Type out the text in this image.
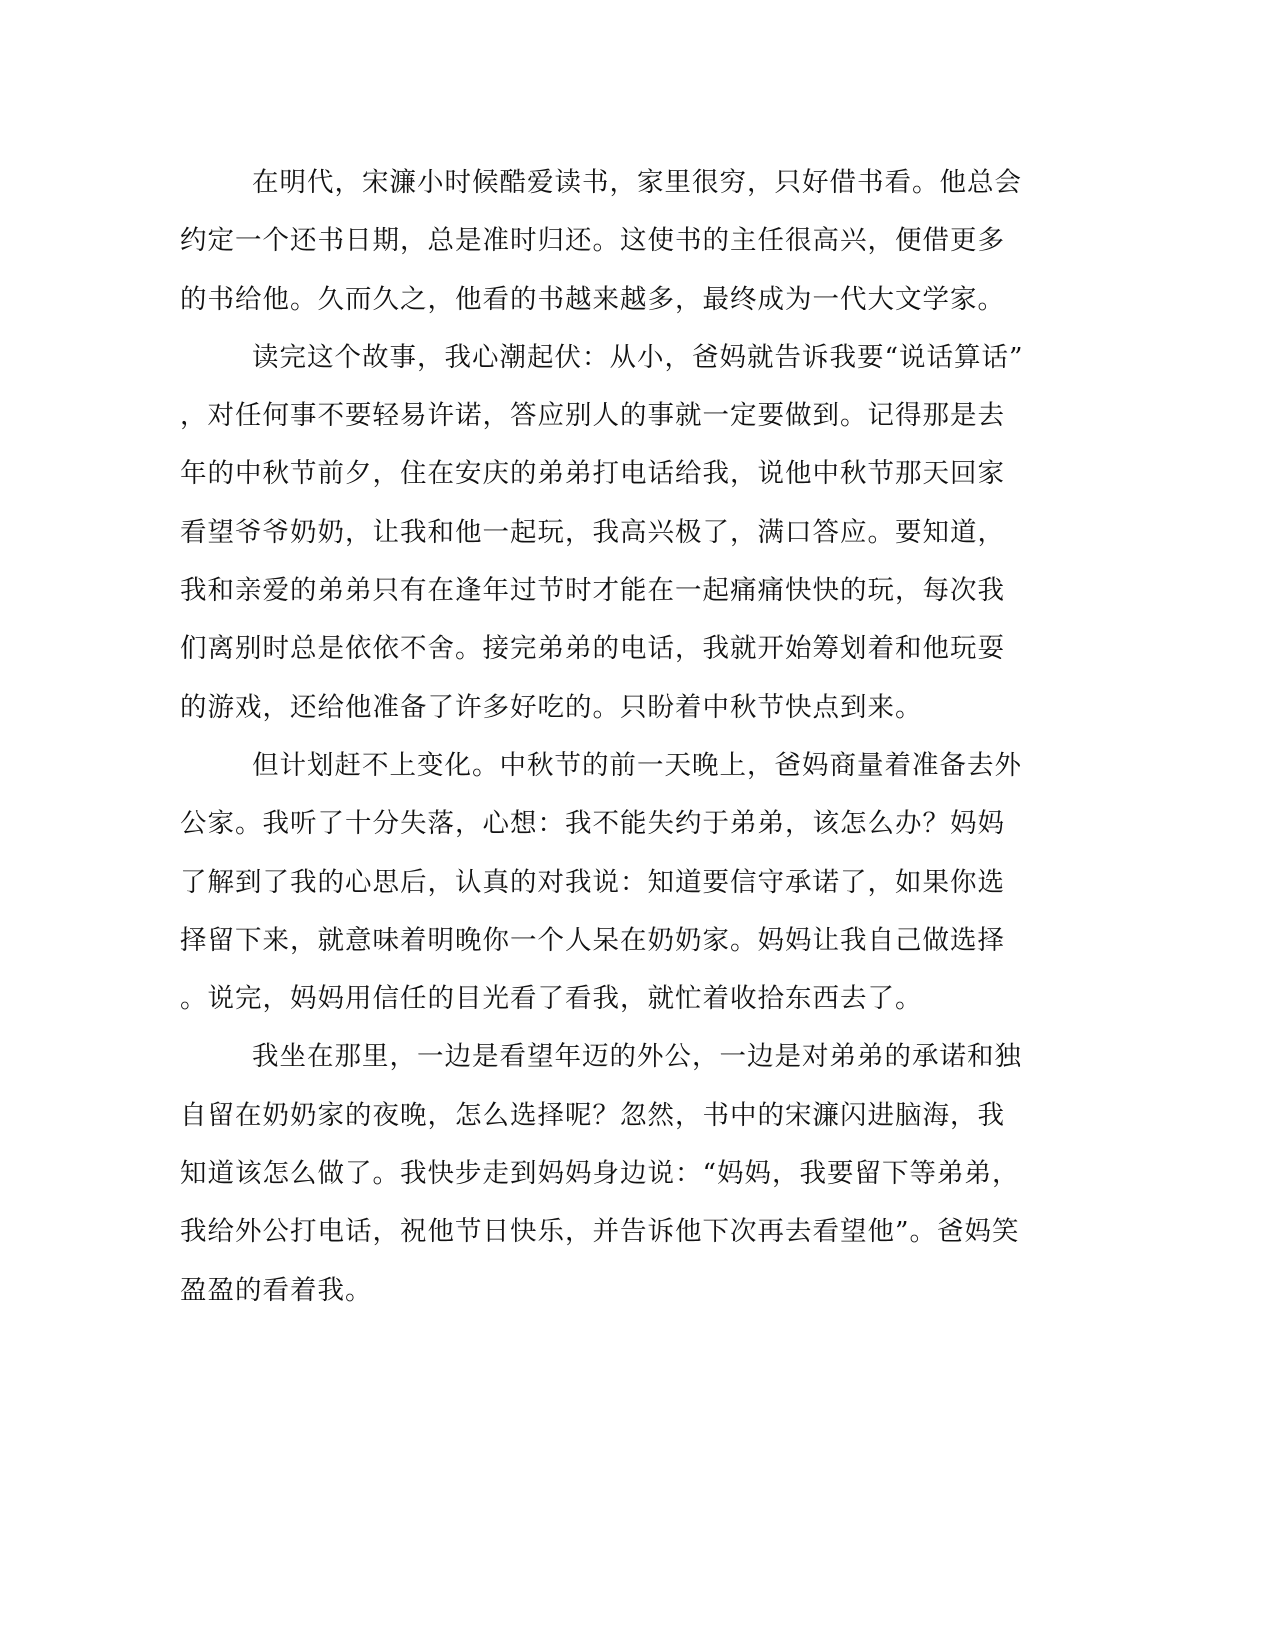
在明代，宋濂小时候酷爱读书，家里很穷，只好借书看。他总会
约定一个还书日期，总是准时归还。这使书的主任很高兴，便借更多
的书给他。久而久之，他看的书越来越多，最终成为一代大文学家。
读完这个故事，我心潮起伏：从小，爸妈就告诉我要“说话算话”
，对任何事不要轻易许诺，答应别人的事就一定要做到。记得那是去
年的中秋节前夕，住在安庆的弟弟打电话给我，说他中秋节那天回家
看望爷爷奶奶，让我和他一起玩，我高兴极了，满口答应。要知道，
我和亲爱的弟弟只有在逢年过节时才能在一起痛痛快快的玩，每次我
们离别时总是依依不舍。接完弟弟的电话，我就开始筹划着和他玩耍
的游戏，还给他准备了许多好吃的。只盼着中秋节快点到来。
但计划赶不上变化。中秋节的前一天晚上，爸妈商量着准备去外
公家。我听了十分失落，心想：我不能失约于弟弟，该怎么办？妈妈
了解到了我的心思后，认真的对我说：知道要信守承诺了，如果你选
择留下来，就意味着明晚你一个人呆在奶奶家。妈妈让我自己做选择
。说完，妈妈用信任的目光看了看我，就忙着收拾东西去了。
我坐在那里，一边是看望年迈的外公，一边是对弟弟的承诺和独
自留在奶奶家的夜晚，怎么选择呢？忽然，书中的宋濂闪进脑海，我
知道该怎么做了。我快步走到妈妈身边说：“妈妈，我要留下等弟弟，
我给外公打电话，祝他节日快乐，并告诉他下次再去看望他”。爸妈笑
盈盈的看着我。
